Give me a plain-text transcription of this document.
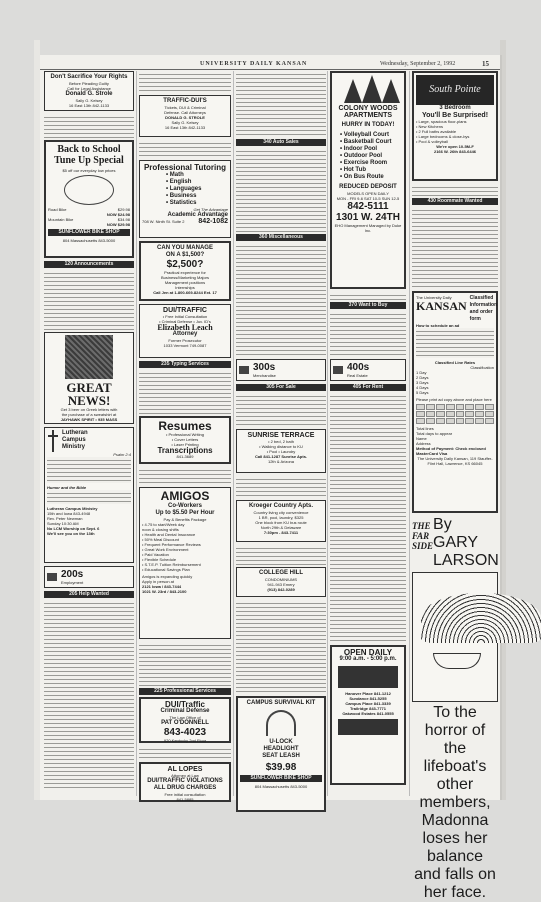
UNIVERSITY DAILY KANSAN	Wednesday, September 2, 1992	15
Don't Sacrifice Your Rights
Before Pleading Guilty
Call for Legal Assistance
Donald G. Strole
Sally G. Kelsey
16 East 13th 842-1133
Back to School
Tune Up Special
$5 off our everyday low prices
Road Bike	$29.98
NOW $24.98
Mountain Bike	$34.98
NOW $29.98
SUNFLOWER BIKE SHOP
804 Massachusetts 843-5000
120 Announcements
GREAT
NEWS!
Get 3 beer on Greek letters with
the purchase of a sweatshirt at
JAYHAWK SPIRIT • 935 MASS
Lutheran
Campus
Ministry
Psalm 2:4
Humor and the Bible
Lutheran Campus Ministry
15th and Iowa 843-4948
Rev. Peter Newman
Sunday 10:30 AM
No LCM Worship on Sept. 6
We'll see you on the 13th
200s
Employment
205 Help Wanted
TRAFFIC-DUI'S
Tickets, DUI & Criminal
Defense. Call Attorneys
DONALD G. STROLE
Sally G. Kelsey
16 East 13th 842-1133
Professional Tutoring
• Math
• English
• Languages
• Business
• Statistics
Get The Advantage
Academic Advantage
708 W. Ninth St. Suite 2 842-1082
CAN YOU MANAGE
ON A $1,500?
$2,500?
Practical experience for
Business/Marketing Majors
Management positions
Internships
Call Jen at 1-800-669-8244 Ext. 17
DUI/TRAFFIC
• Free Initial Consultation
• Criminal Defense • Juv. ID's
Elizabeth Leach
Attorney
Former Prosecutor
1033 Vermont 749-0087
235 Typing Services
Resumes
• Professional Writing
• Cover Letters
• Laser Printing
Transcriptions
841-3689
AMIGOS
Co-Workers
Up to $5.50 Per Hour
Pay & Benefits Package
• 4.75 to start/Week day
noon & closing shifts
• Health and Dental Insurance
• 50% Meal Discount
• Frequent Performance Reviews
• Great Work Environment
• Paid Vacation
• Flexible Schedule
• S.T.E.P. Tuition Reimbursement
• Educational Savings Plan
Amigos is expanding quickly
Apply in person at
2121 Iowa / 843-7444
1021 W. 23rd / 843-2100
225 Professional Services
DUI/Traffic
Criminal Defense
The Law Office of
PAT O'DONNELL
843-4023
920 Kentucky 2nd Floor
AL LOPES
Attorney at Law
DUI/TRAFFIC VIOLATIONS
ALL DRUG CHARGES
Free initial consultation
841-5885
340 Auto Sales
360 Miscellaneous
300s
Merchandise
305 For Sale
SUNRISE TERRACE
• 2 bed, 2 bath
• Walking distance to KU
• Pool • Laundry
Call 841-1287 Sunrise Apts.
12th & Arizona
Kroeger Country Apts.
Country living city convenience
1 BR, pool, laundry, $325
One block from KU bus route
North 29th & Delaware
7:30pm - 843-7411
COLLEGE HILL
CONDOMINIUMS
941-943 Emery
(913) 842-0289
CAMPUS SURVIVAL KIT
U-LOCK
HEADLIGHT
SEAT LEASH
$39.98
SUNFLOWER BIKE SHOP
804 Massachusetts 843-5000
COLONY WOODS
APARTMENTS
HURRY IN TODAY!
• Volleyball Court
• Basketball Court
• Indoor Pool
• Outdoor Pool
• Exercise Room
• Hot Tub
• On Bus Route
REDUCED DEPOSIT
MODELS OPEN DAILY
MON - FRI 9-6 SAT 10-5 SUN 12-5
842-5111
1301 W. 24TH
EHO Management Managed by Duke Inc.
370 Want to Buy
400s
Real Estate
405 For Rent
OPEN DAILY
9:00 a.m. - 5:00 p.m.
Hanover Place 841-1212
Sundance 841-5255
Campus Place 841-3339
Trailridge 843-7771
Oakwood Estates 841-0555
South Pointe
3 Bedroom
You'll Be Surprised!
• Large, spacious floor-plans
• New Kitchens
• 2 Full baths available
• Large bedrooms & close-bys
• Pool & volleyball
We're open 10-5M-F
2166 W. 26th 843-6446
430 Roommate Wanted
The University Daily
KANSAN
Classified Information and order form
How to schedule an ad
Classified Line Rates
Classification
1 Day
2 Days
3 Days
4 Days
5 Days
Please print ad copy above and place here
Total lines
Total days to appear
Name
Address
Method of Payment: Check enclosed MasterCard Visa
The University Daily Kansan, 119 Stauffer-Flint Hall, Lawrence, KS 66045
THE FAR SIDE
By GARY LARSON
To the horror of the lifeboat's other members,
Madonna loses her balance and falls on her face.
